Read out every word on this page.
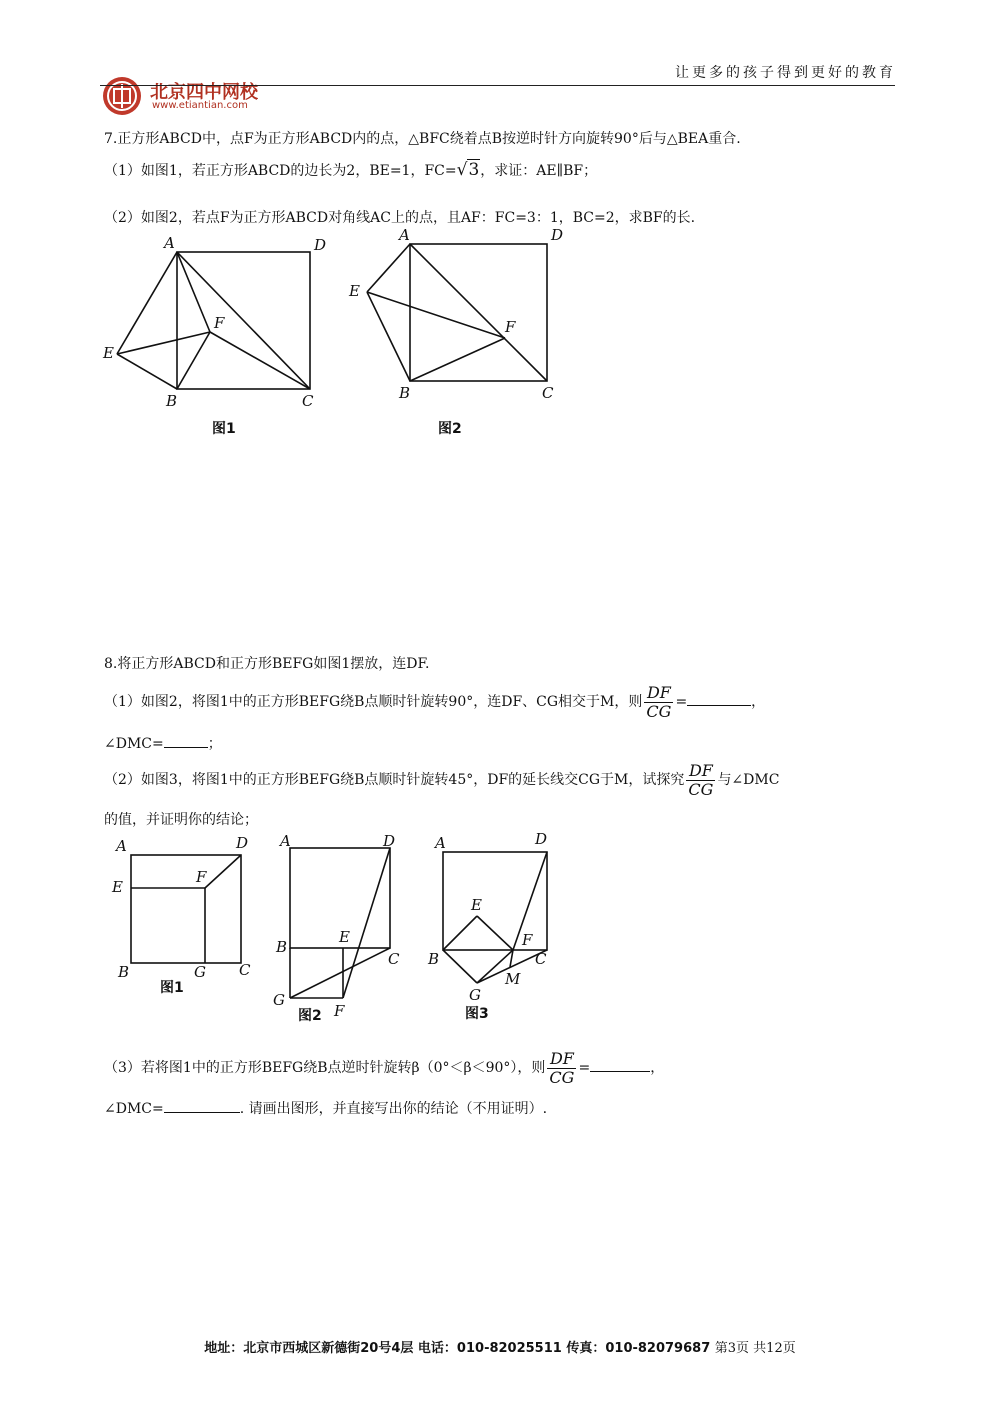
北京四中网校
www.etiantian.com
让更多的孩子得到更好的教育
7.正方形ABCD中，点F为正方形ABCD内的点，△BFC绕着点B按逆时针方向旋转90°后与△BEA重合.
（1）如图1，若正方形ABCD的边长为2，BE=1，FC=√3，求证：AE∥BF；
（2）如图2，若点F为正方形ABCD对角线AC上的点，且AF：FC=3：1，BC=2，求BF的长.
A	D
E
F
B	C
图1
A	D
E
F
B	C
图2
8.将正方形ABCD和正方形BEFG如图1摆放，连DF.
（1）如图2，将图1中的正方形BEFG绕B点顺时针旋转90°，连DF、CG相交于M，则 $\frac{DF}{CG}$ =	，
∠DMC=	；
（2）如图3，将图1中的正方形BEFG绕B点顺时针旋转45°，DF的延长线交CG于M，试探究 $\frac{DF}{CG}$ 与∠DMC
的值，并证明你的结论；
A	D
E
F
B	G C
图1
A	D
B
E
C
G
F
图2
A	D
E
F
B	C
M
G
图3
（3）若将图1中的正方形BEFG绕B点逆时针旋转β（0°＜β＜90°），则 $\frac{DF}{CG}$ =	，
∠DMC=	. 请画出图形，并直接写出你的结论（不用证明）.
地址：北京市西城区新德街20号4层 电话：010-82025511 传真：010-82079687 第3页 共12页
